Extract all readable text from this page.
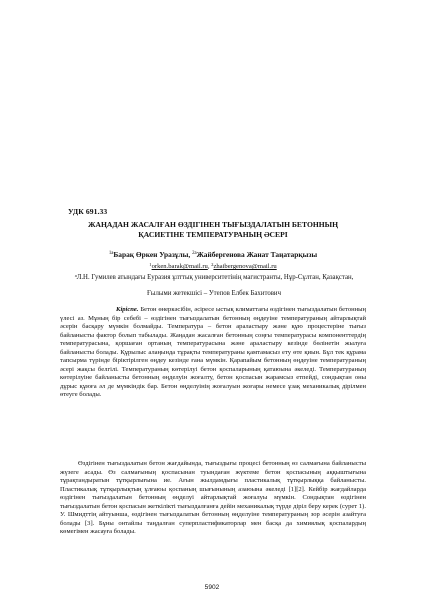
УДК 691.33
ЖАҢАДАН ЖАСАЛҒАН ӨЗДІГІНЕН ТЫҒЫЗДАЛАТЫН БЕТОННЫҢ
ҚАСИЕТІНЕ ТЕМПЕРАТУРАНЫҢ ӘСЕРІ
$^{1а}$Барақ Өркен Уразұлы, $^{2а}$Жайбергенова Жанат Таңатарқызы
$^1$orken.barak@mail.ru, $^2$zhaibergenova@mail.ru
$^а$Л.Н. Гумилев атындағы Еуразия ұлттық университетінің магистранты, Нұр-Сұлтан, Қазақстан,
Ғылыми жетекшісі – Утепов Елбек Бахитович
Кіріспе. Бетон өнеркәсібін, әсіресе ыстық климаттағы өздігінен тығыздалатын бетонның үлесі аз. Мұның бір себебі – өздігінен тығыздалатын бетонның өңдеуіне температураның айтарлықтай әсерін басқару мүмкін болмайды. Температура – бетон араластыру және құю процестеріне тығыз байланысты фактор болып табылады. Жаңадан жасалған бетонның соңғы температурасы компоненттердің температурасына, қоршаған ортаның температурасына және араластыру кезінде бөлінетін жылуға байланысты болады. Құрылыс алаңында тұрақты температураны қамтамасыз ету өте қиын. Бұл тек құрама тапсырма түрінде біріктірілген өңдеу кезінде ғана мүмкін. Қарапайым бетонның өңдеуіне температураның әсері жақсы белгілі. Температураның көтерілуі бетон қоспаларының қатаюына әкеледі. Температураның көтерілуіне байланысты бетонның өңделуін жоғалту, бетон қоспасын жарамсыз етпейді, сондықтан оны дұрыс құюға әл де мүмкіндік бар. Бетон өңделуінің жоғалуын жоғары немесе ұзақ механикалық дірілмен өтеуге болады.
Өздігінен тығыздалатын бетон жағдайында, тығыздығы процесі бетонның өз салмағына байланысты жүзеге асады. Өз салмағының қоспасынан туындаған жүктеме бетон қоспасының аққыштығына тұрақтандыратын тұтқырлығына ие. Ағын жылдамдығы пластикалық тұтқырлыққа байланысты. Пластикалық тұтқырлықтың ұлғаюы қоспаның шығынының азаюына әкеледі [1][2]. Кейбір жағдайларда өздігінен тығыздалатын бетонның өңделуі айтарлықтай жоғалуы мүмкін. Сондықтан өздігінен тығыздалатын бетон қоспасын жеткілікті тығыздалғанға дейін механикалық түрде діріл беру керек (сурет 1). У. Шмидттің айтуынша, өздігінен тығыздалатын бетонның өңделуіне температураның зор әсерін азайтуға болады [3]. Бұны онтайлы таңдалған суперпластификаторлар мен басқа да химиялық қоспалардың көмегімен жасауға болады.
5902
